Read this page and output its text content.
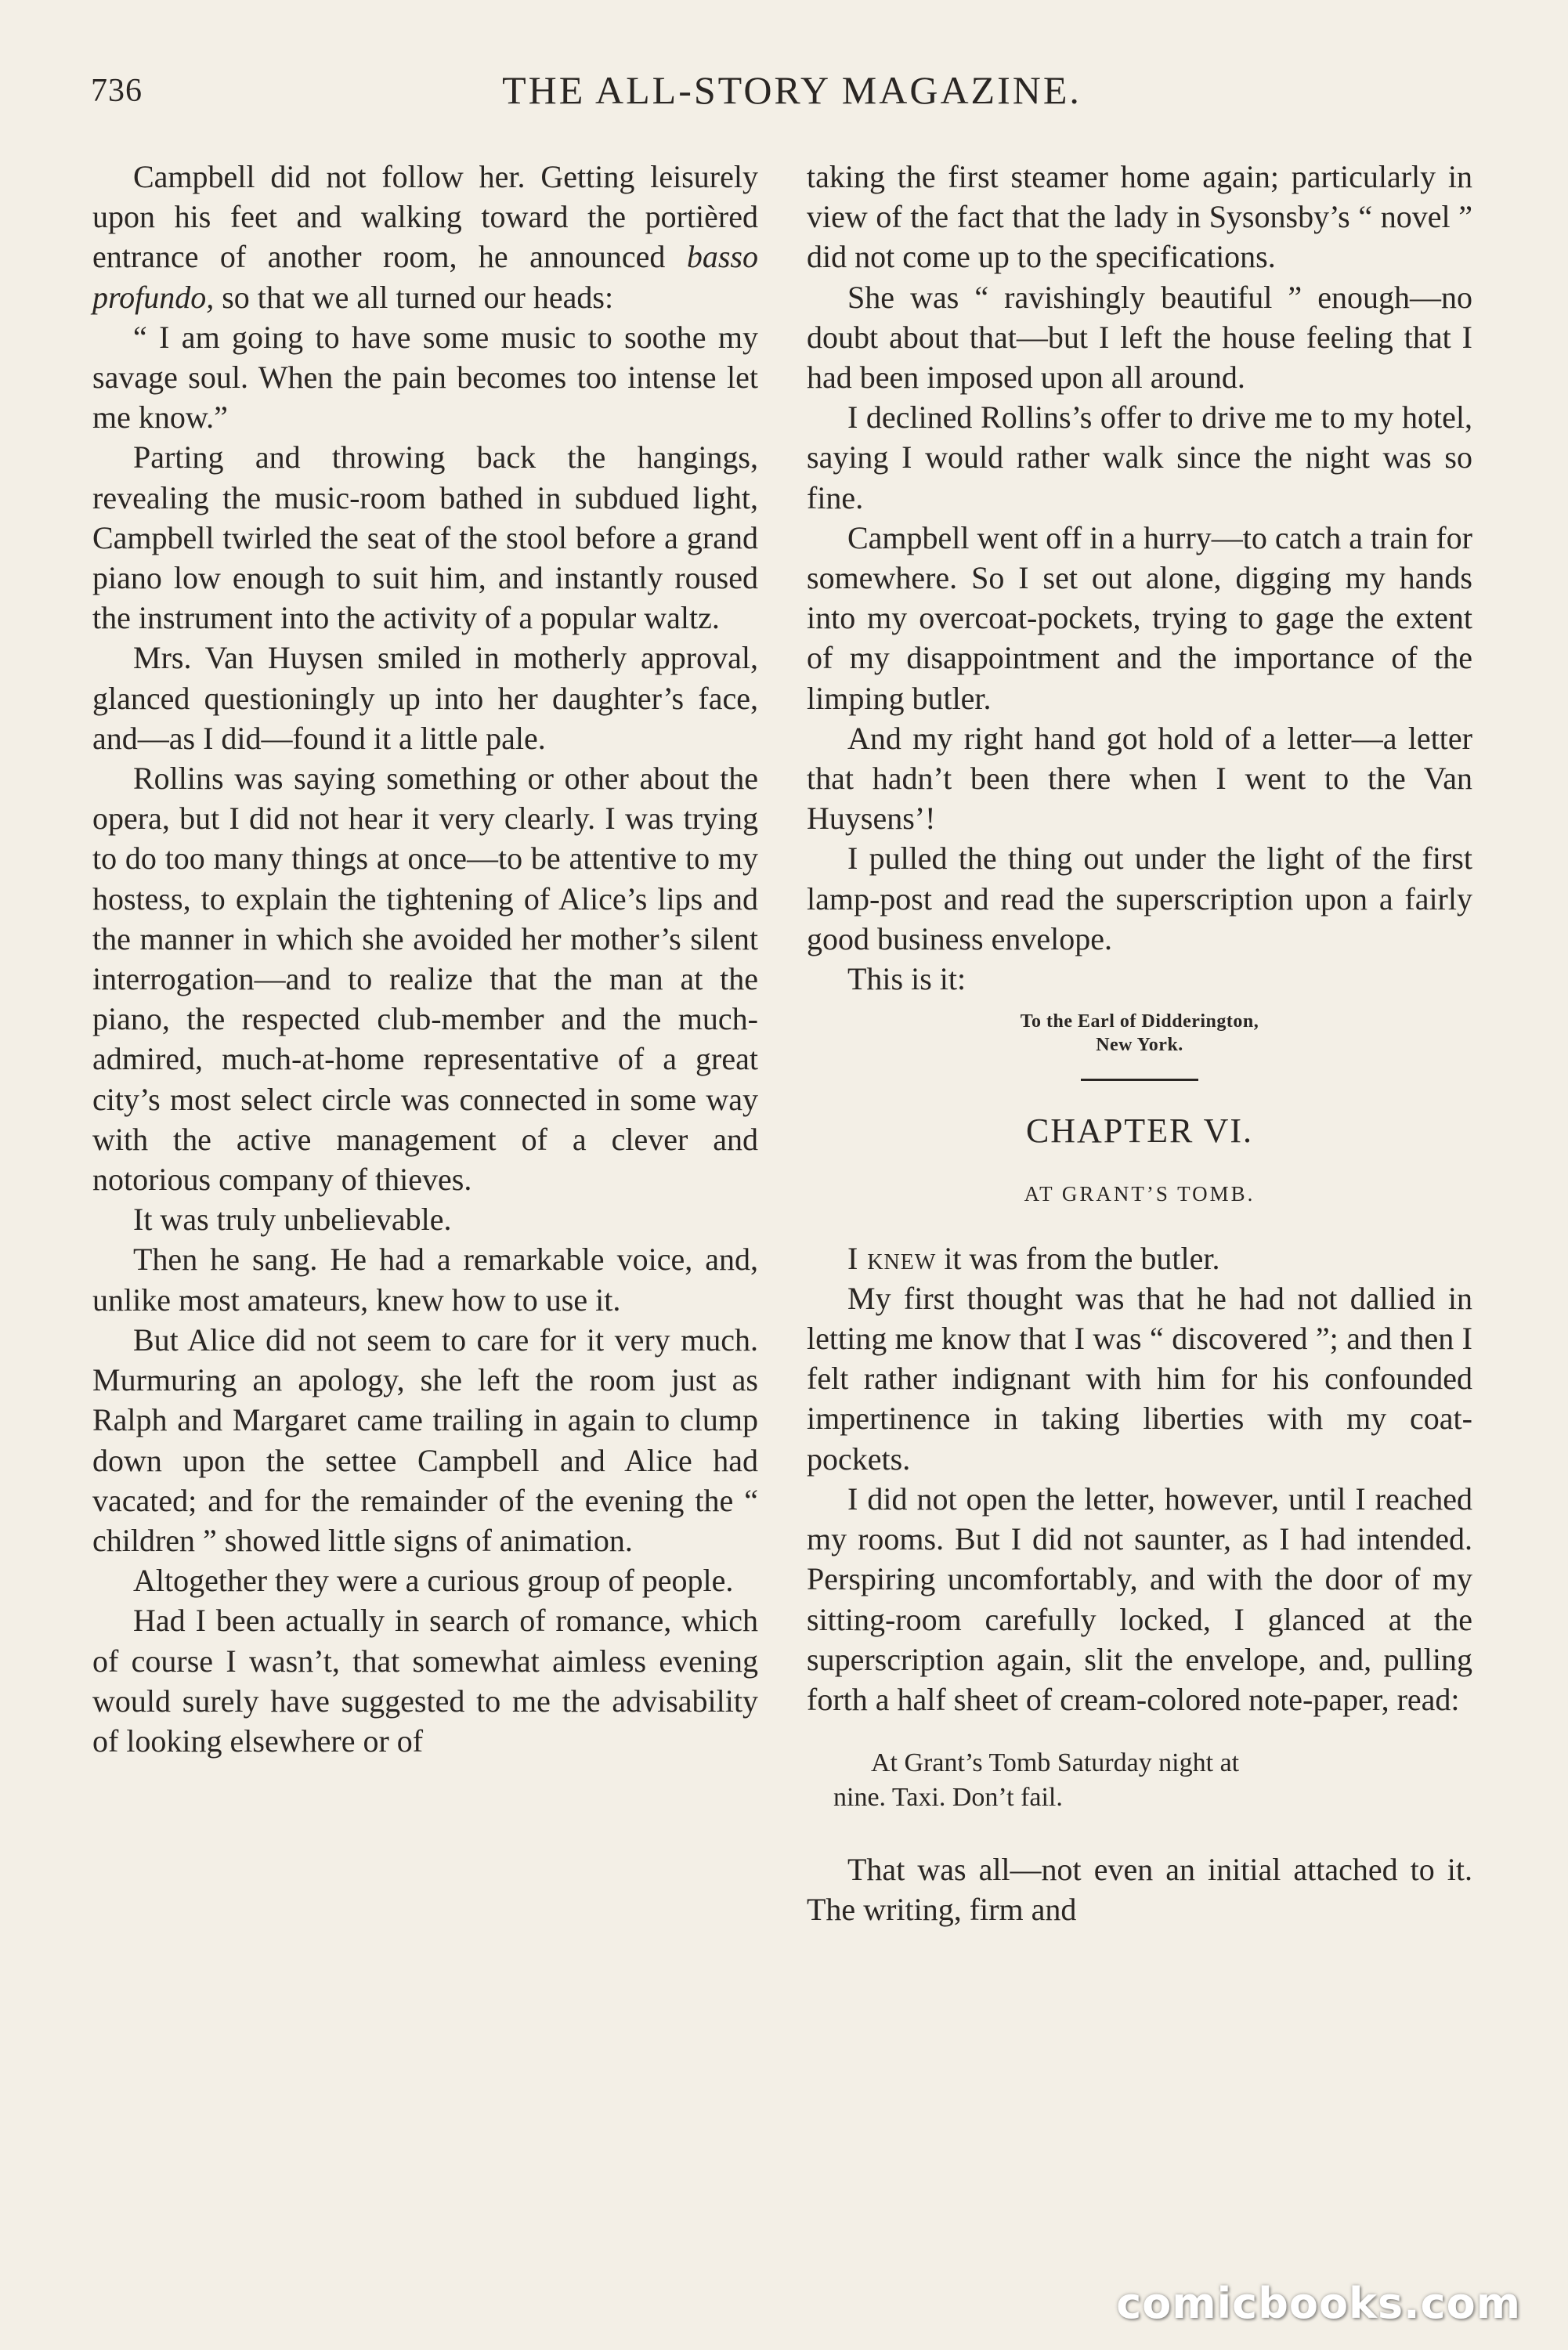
736	THE ALL-STORY MAGAZINE.

Campbell did not follow her. Getting leisurely upon his feet and walking toward the portièred entrance of another room, he announced basso profundo, so that we all turned our heads:

“ I am going to have some music to soothe my savage soul. When the pain becomes too intense let me know.”

Parting and throwing back the hangings, revealing the music-room bathed in subdued light, Campbell twirled the seat of the stool before a grand piano low enough to suit him, and instantly roused the instrument into the activity of a popular waltz.

Mrs. Van Huysen smiled in motherly approval, glanced questioningly up into her daughter’s face, and—as I did—found it a little pale.

Rollins was saying something or other about the opera, but I did not hear it very clearly. I was trying to do too many things at once—to be attentive to my hostess, to explain the tightening of Alice’s lips and the manner in which she avoided her mother’s silent interrogation—and to realize that the man at the piano, the respected club-member and the much-admired, much-at-home representative of a great city’s most select circle was connected in some way with the active management of a clever and notorious company of thieves.

It was truly unbelievable.

Then he sang. He had a remarkable voice, and, unlike most amateurs, knew how to use it.

But Alice did not seem to care for it very much. Murmuring an apology, she left the room just as Ralph and Margaret came trailing in again to clump down upon the settee Campbell and Alice had vacated; and for the remainder of the evening the “ children ” showed little signs of animation.

Altogether they were a curious group of people.

Had I been actually in search of romance, which of course I wasn’t, that somewhat aimless evening would surely have suggested to me the advisability of looking elsewhere or of

taking the first steamer home again; particularly in view of the fact that the lady in Sysonsby’s “ novel ” did not come up to the specifications.

She was “ ravishingly beautiful ” enough—no doubt about that—but I left the house feeling that I had been imposed upon all around.

I declined Rollins’s offer to drive me to my hotel, saying I would rather walk since the night was so fine.

Campbell went off in a hurry—to catch a train for somewhere. So I set out alone, digging my hands into my overcoat-pockets, trying to gage the extent of my disappointment and the importance of the limping butler.

And my right hand got hold of a letter—a letter that hadn’t been there when I went to the Van Huysens’!

I pulled the thing out under the light of the first lamp-post and read the superscription upon a fairly good business envelope.

This is it:

To the Earl of Didderington,
New York.
CHAPTER VI.
AT GRANT’S TOMB.

I knew it was from the butler.

My first thought was that he had not dallied in letting me know that I was “ discovered ”; and then I felt rather indignant with him for his confounded impertinence in taking liberties with my coat-pockets.

I did not open the letter, however, until I reached my rooms. But I did not saunter, as I had intended. Perspiring uncomfortably, and with the door of my sitting-room carefully locked, I glanced at the superscription again, slit the envelope, and, pulling forth a half sheet of cream-colored note-paper, read:

At Grant’s Tomb Saturday night at
nine. Taxi. Don’t fail.

That was all—not even an initial attached to it. The writing, firm and

comicbooks.com
